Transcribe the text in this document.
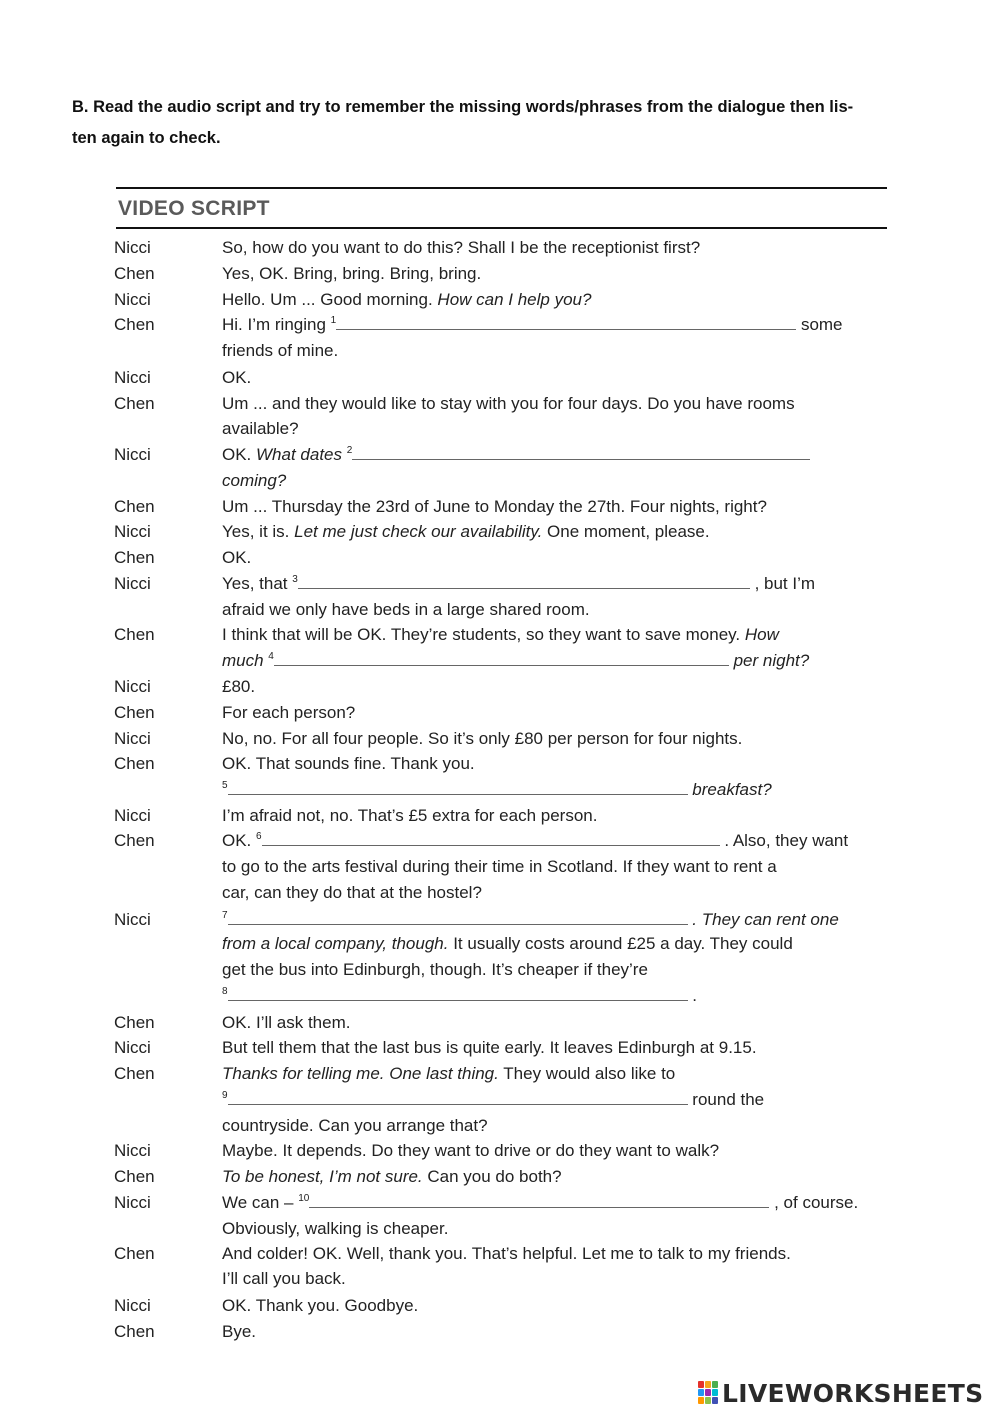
B. Read the audio script and try to remember the missing words/phrases from the dialogue then lis-
ten again to check.
VIDEO SCRIPT
Nicci	So, how do you want to do this? Shall I be the receptionist first?
Chen	Yes, OK. Bring, bring. Bring, bring.
Nicci	Hello. Um ... Good morning. How can I help you?
Chen	Hi. I’m ringing $^1$	some
friends of mine.
Nicci	OK.
Chen	Um ... and they would like to stay with you for four days. Do you have rooms
available?
Nicci	OK. What dates $^2$
coming?
Chen	Um ... Thursday the 23rd of June to Monday the 27th. Four nights, right?
Nicci	Yes, it is. Let me just check our availability. One moment, please.
Chen	OK.
Nicci	Yes, that $^3$	, but I’m
afraid we only have beds in a large shared room.
Chen	I think that will be OK. They’re students, so they want to save money. How
much $^4$	per night?
Nicci	£80.
Chen	For each person?
Nicci	No, no. For all four people. So it’s only £80 per person for four nights.
Chen	OK. That sounds fine. Thank you.
$^5$	breakfast?
Nicci	I’m afraid not, no. That’s £5 extra for each person.
Chen	OK. $^6$	. Also, they want
to go to the arts festival during their time in Scotland. If they want to rent a
car, can they do that at the hostel?
Nicci	$^7$	. They can rent one
from a local company, though. It usually costs around £25 a day. They could
get the bus into Edinburgh, though. It’s cheaper if they’re
$^8$	.
Chen	OK. I’ll ask them.
Nicci	But tell them that the last bus is quite early. It leaves Edinburgh at 9.15.
Chen	Thanks for telling me. One last thing. They would also like to
$^9$	round the
countryside. Can you arrange that?
Nicci	Maybe. It depends. Do they want to drive or do they want to walk?
Chen	To be honest, I’m not sure. Can you do both?
Nicci	We can – $^{10}$	, of course.
Obviously, walking is cheaper.
Chen	And colder! OK. Well, thank you. That’s helpful. Let me to talk to my friends.
I’ll call you back.
Nicci	OK. Thank you. Goodbye.
Chen	Bye.
LIVEWORKSHEETS
